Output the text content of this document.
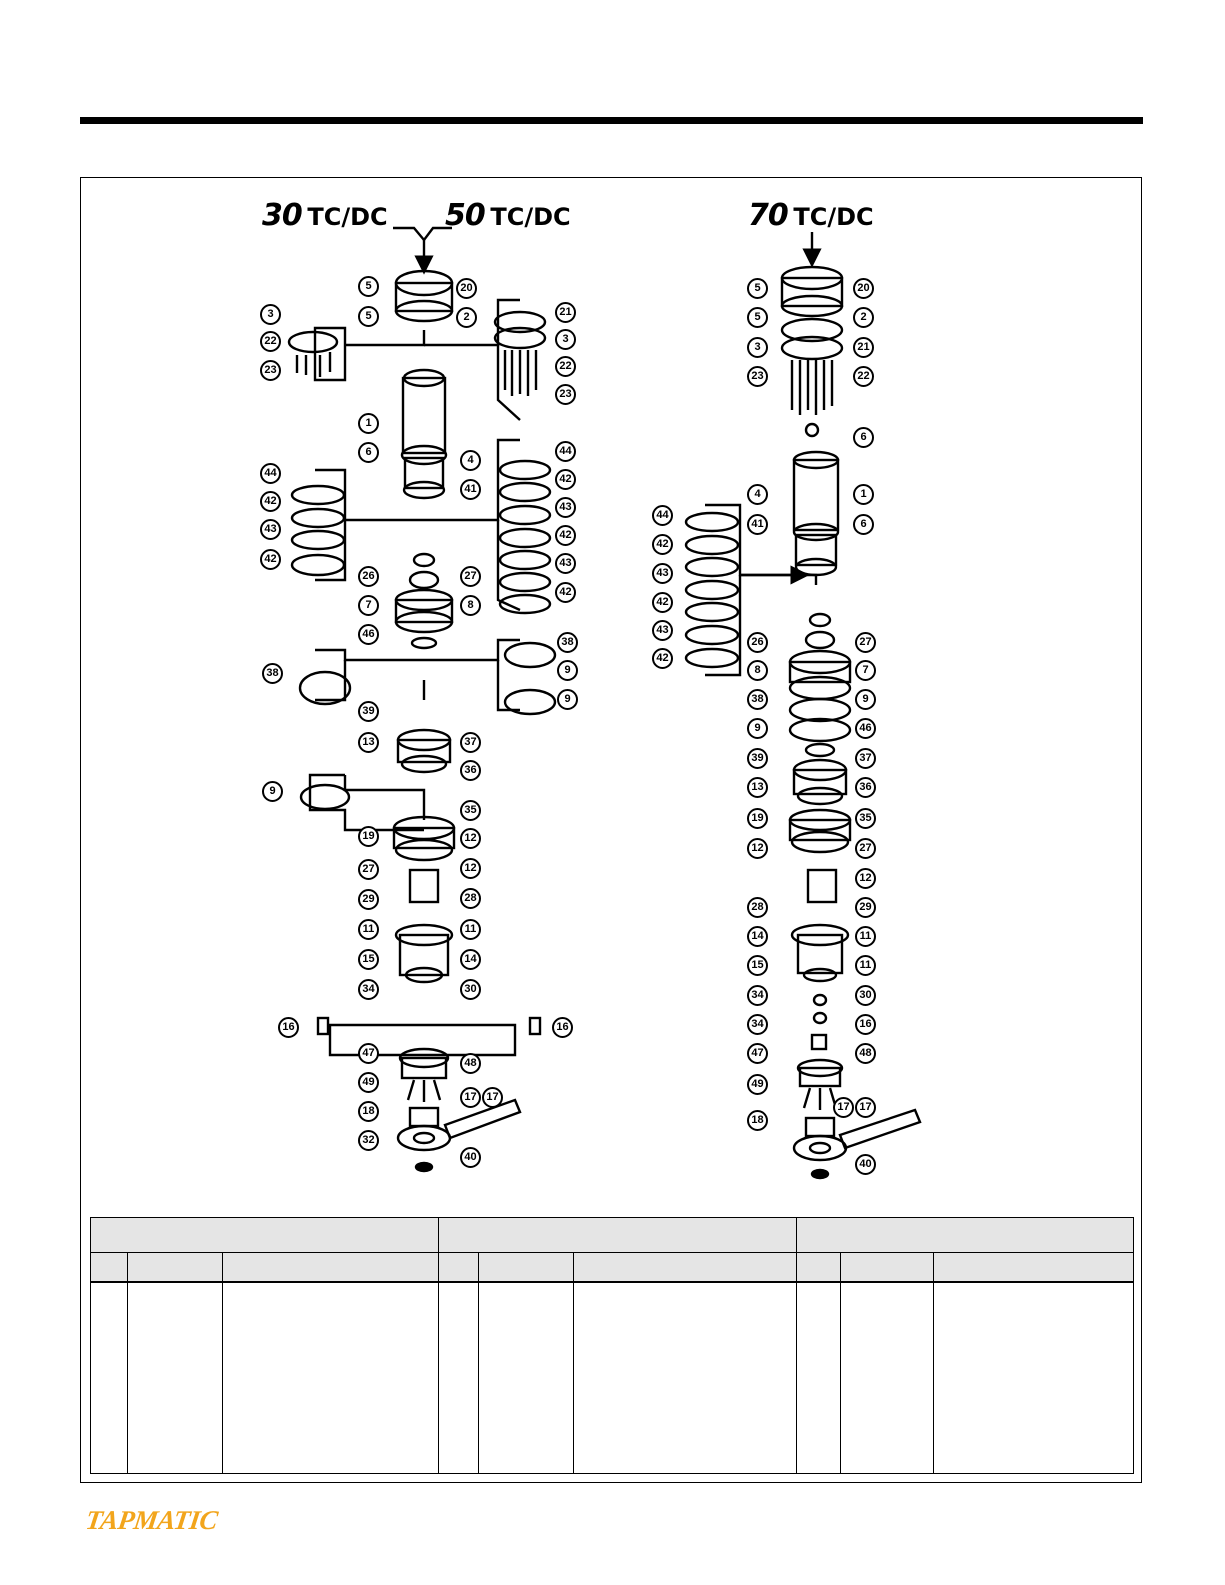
30 TC/DC 50 TC/DC	70 TC/DC
5
5
20
2
3
22
23
21
3
22
23
1
6
4
41
44
42
43
42
44
42
43
42
43
42
26	27
7	8
46
38
38
9
9
39
13	37
36
9
35
19	12
27	12
29	28
11	11
15	14
34	30
16	16
47
49
48
17 17
18
32
40
5	20
5	2
3	21
23	22
6
4	1
41	6
44
42
43
42
43
42
26	27
7
8
38	9
9	46
39	37
13	36
19	35
12	27
12
28	29
14	11
11
15
30
34
34	16
47	48
49
17 17
18
40

TAPMATIC
